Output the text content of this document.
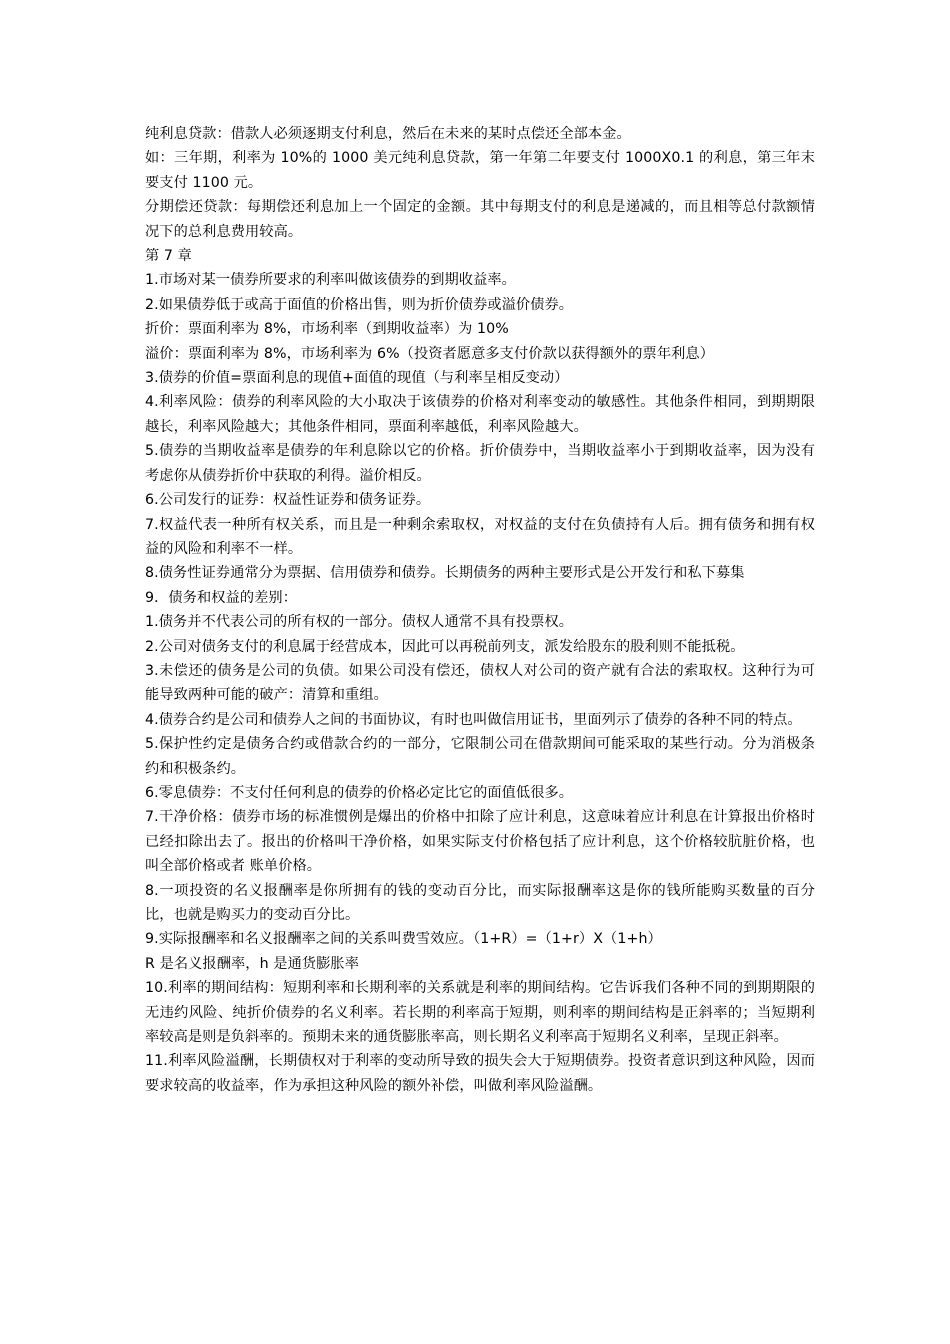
纯利息贷款：借款人必须逐期支付利息，然后在未来的某时点偿还全部本金。

如：三年期，利率为 10%的 1000 美元纯利息贷款，第一年第二年要支付 1000X0.1 的利息，第三年末要支付 1100 元。

分期偿还贷款：每期偿还利息加上一个固定的金额。其中每期支付的利息是递减的，而且相等总付款额情况下的总利息费用较高。

第 7 章

1.市场对某一债券所要求的利率叫做该债券的到期收益率。

2.如果债券低于或高于面值的价格出售，则为折价债券或溢价债券。

折价：票面利率为 8%，市场利率（到期收益率）为 10%

溢价：票面利率为 8%，市场利率为 6%（投资者愿意多支付价款以获得额外的票年利息）

3.债券的价值=票面利息的现值+面值的现值（与利率呈相反变动）

4.利率风险：债券的利率风险的大小取决于该债券的价格对利率变动的敏感性。其他条件相同，到期期限越长，利率风险越大；其他条件相同，票面利率越低，利率风险越大。

5.债券的当期收益率是债券的年利息除以它的价格。折价债券中，当期收益率小于到期收益率，因为没有考虑你从债券折价中获取的利得。溢价相反。

6.公司发行的证券：权益性证券和债务证券。

7.权益代表一种所有权关系，而且是一种剩余索取权，对权益的支付在负债持有人后。拥有债务和拥有权益的风险和利率不一样。

8.债务性证券通常分为票据、信用债券和债券。长期债务的两种主要形式是公开发行和私下募集

9．债务和权益的差别：

1.债务并不代表公司的所有权的一部分。债权人通常不具有投票权。

2.公司对债务支付的利息属于经营成本，因此可以再税前列支，派发给股东的股利则不能抵税。

3.未偿还的债务是公司的负债。如果公司没有偿还，债权人对公司的资产就有合法的索取权。这种行为可能导致两种可能的破产：清算和重组。

4.债券合约是公司和债券人之间的书面协议，有时也叫做信用证书，里面列示了债券的各种不同的特点。

5.保护性约定是债务合约或借款合约的一部分，它限制公司在借款期间可能采取的某些行动。分为消极条约和积极条约。

6.零息债券：不支付任何利息的债券的价格必定比它的面值低很多。

7.干净价格：债券市场的标准惯例是爆出的价格中扣除了应计利息，这意味着应计利息在计算报出价格时已经扣除出去了。报出的价格叫干净价格，如果实际支付价格包括了应计利息，这个价格较肮脏价格，也叫全部价格或者 账单价格。

8.一项投资的名义报酬率是你所拥有的钱的变动百分比，而实际报酬率这是你的钱所能购买数量的百分比，也就是购买力的变动百分比。

9.实际报酬率和名义报酬率之间的关系叫费雪效应。（1+R）=（1+r）X（1+h）

R 是名义报酬率，h 是通货膨胀率

10.利率的期间结构：短期利率和长期利率的关系就是利率的期间结构。它告诉我们各种不同的到期期限的无违约风险、纯折价债券的名义利率。若长期的利率高于短期，则利率的期间结构是正斜率的；当短期利率较高是则是负斜率的。预期未来的通货膨胀率高，则长期名义利率高于短期名义利率，呈现正斜率。

11.利率风险溢酬，长期债权对于利率的变动所导致的损失会大于短期债券。投资者意识到这种风险，因而要求较高的收益率，作为承担这种风险的额外补偿，叫做利率风险溢酬。
